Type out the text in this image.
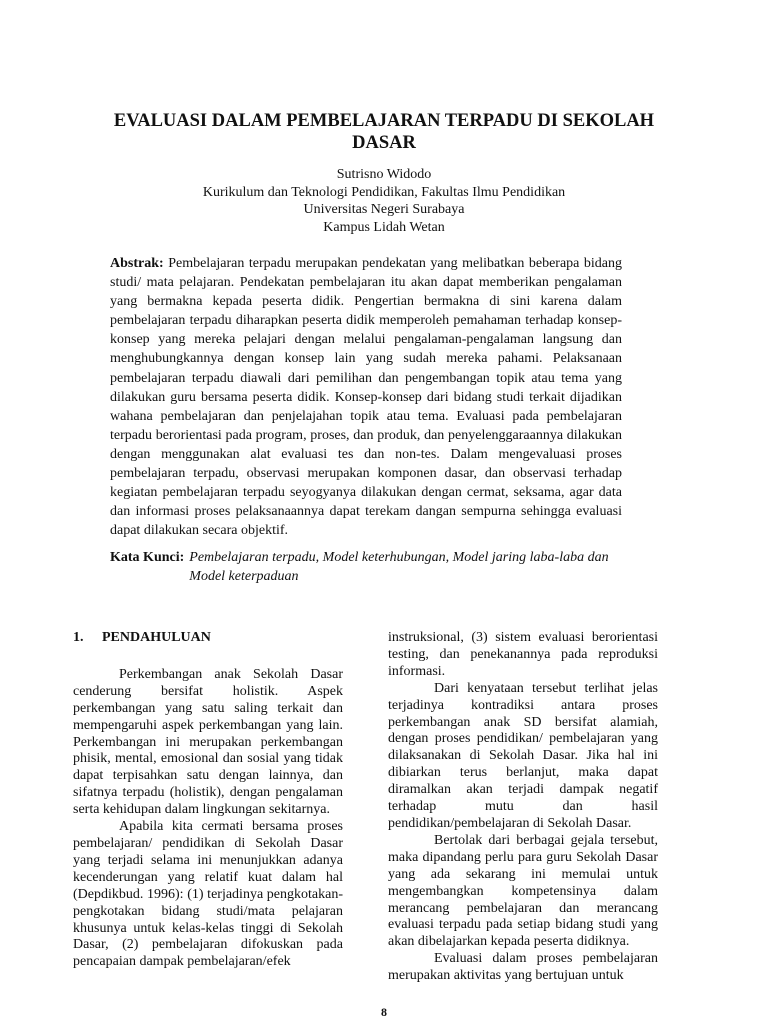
EVALUASI DALAM PEMBELAJARAN TERPADU DI SEKOLAH DASAR
Sutrisno Widodo
Kurikulum dan Teknologi Pendidikan, Fakultas Ilmu Pendidikan
Universitas Negeri Surabaya
Kampus Lidah Wetan

Abstrak: Pembelajaran terpadu merupakan pendekatan yang melibatkan beberapa bidang studi/ mata pelajaran. Pendekatan pembelajaran itu akan dapat memberikan pengalaman yang bermakna kepada peserta didik. Pengertian bermakna di sini karena dalam pembelajaran terpadu diharapkan peserta didik memperoleh pemahaman terhadap konsep-konsep yang mereka pelajari dengan melalui pengalaman-pengalaman langsung dan menghubungkannya dengan konsep lain yang sudah mereka pahami. Pelaksanaan pembelajaran terpadu diawali dari pemilihan dan pengembangan topik atau tema yang dilakukan guru bersama peserta didik. Konsep-konsep dari bidang studi terkait dijadikan wahana pembelajaran dan penjelajahan topik atau tema. Evaluasi pada pembelajaran terpadu berorientasi pada program, proses, dan produk, dan penyelenggaraannya dilakukan dengan menggunakan alat evaluasi tes dan non-tes. Dalam mengevaluasi proses pembelajaran terpadu, observasi merupakan komponen dasar, dan observasi terhadap kegiatan pembelajaran terpadu seyogyanya dilakukan dengan cermat, seksama, agar data dan informasi proses pelaksanaannya dapat terekam dangan sempurna sehingga evaluasi dapat dilakukan secara objektif.

Kata Kunci: Pembelajaran terpadu, Model keterhubungan, Model jaring laba-laba dan Model keterpaduan
1.	PENDAHULUAN

Perkembangan anak Sekolah Dasar cenderung bersifat holistik. Aspek perkembangan yang satu saling terkait dan mempengaruhi aspek perkembangan yang lain. Perkembangan ini merupakan perkembangan phisik, mental, emosional dan sosial yang tidak dapat terpisahkan satu dengan lainnya, dan sifatnya terpadu (holistik), dengan pengalaman serta kehidupan dalam lingkungan sekitarnya.

Apabila kita cermati bersama proses pembelajaran/ pendidikan di Sekolah Dasar yang terjadi selama ini menunjukkan adanya kecenderungan yang relatif kuat dalam hal (Depdikbud. 1996): (1) terjadinya pengkotakan-pengkotakan bidang studi/mata pelajaran khusunya untuk kelas-kelas tinggi di Sekolah Dasar, (2) pembelajaran difokuskan pada pencapaian dampak pembelajaran/efek

instruksional, (3) sistem evaluasi berorientasi testing, dan penekanannya pada reproduksi informasi.

Dari kenyataan tersebut terlihat jelas terjadinya kontradiksi antara proses perkembangan anak SD bersifat alamiah, dengan proses pendidikan/ pembelajaran yang dilaksanakan di Sekolah Dasar. Jika hal ini dibiarkan terus berlanjut, maka dapat diramalkan akan terjadi dampak negatif terhadap mutu dan hasil pendidikan/pembelajaran di Sekolah Dasar.

Bertolak dari berbagai gejala tersebut, maka dipandang perlu para guru Sekolah Dasar yang ada sekarang ini memulai untuk mengembangkan kompetensinya dalam merancang pembelajaran dan merancang evaluasi terpadu pada setiap bidang studi yang akan dibelajarkan kepada peserta didiknya.

Evaluasi dalam proses pembelajaran merupakan aktivitas yang bertujuan untuk

8
